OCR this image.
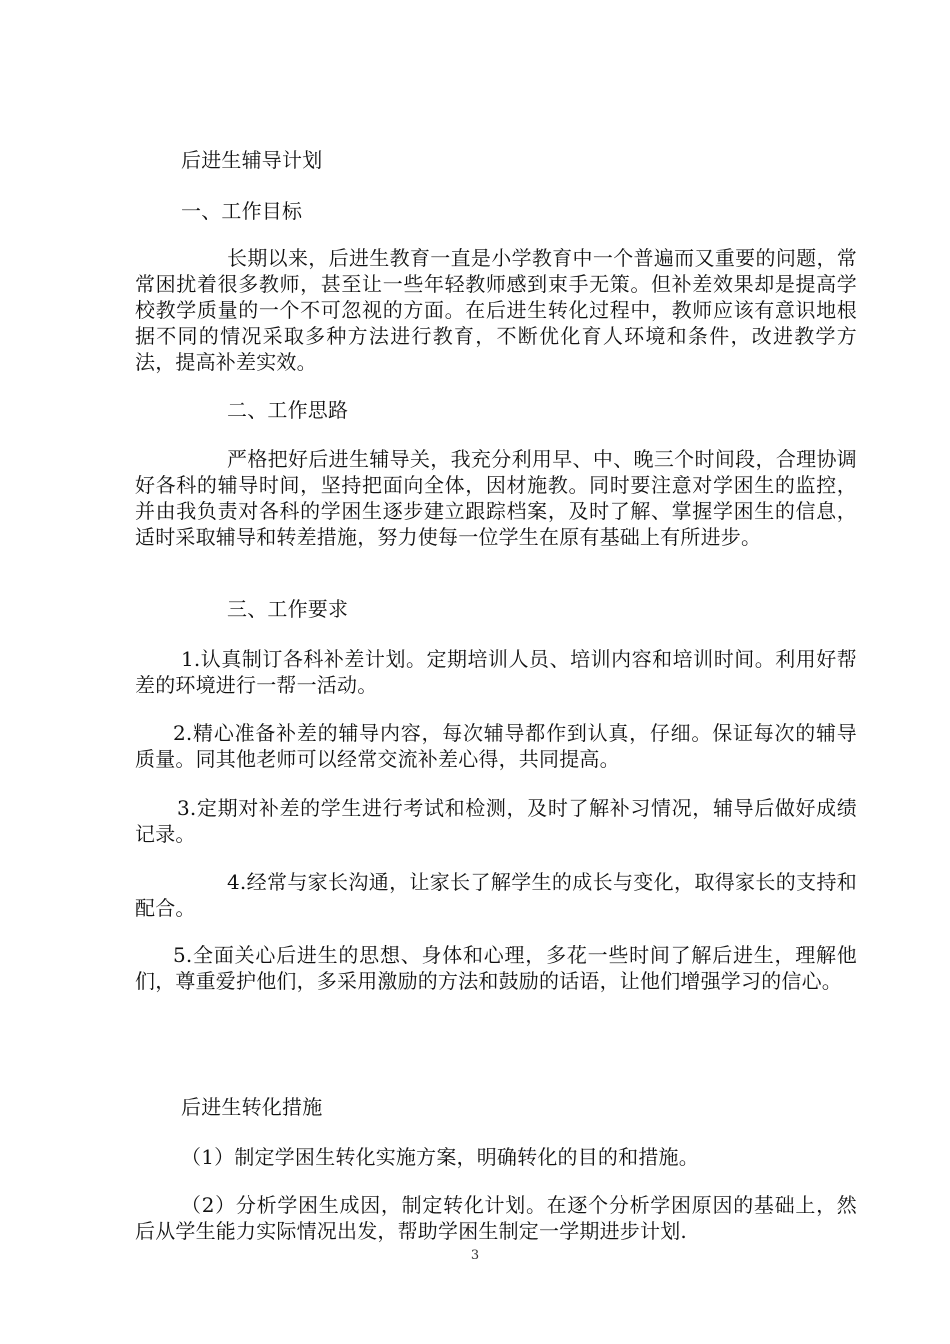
后进生辅导计划

一、工作目标

长期以来，后进生教育一直是小学教育中一个普遍而又重要的问题，常常困扰着很多教师，甚至让一些年轻教师感到束手无策。但补差效果却是提高学校教学质量的一个不可忽视的方面。在后进生转化过程中，教师应该有意识地根据不同的情况采取多种方法进行教育，不断优化育人环境和条件，改进教学方法，提高补差实效。

二、工作思路

严格把好后进生辅导关，我充分利用早、中、晚三个时间段，合理协调好各科的辅导时间，坚持把面向全体，因材施教。同时要注意对学困生的监控，并由我负责对各科的学困生逐步建立跟踪档案，及时了解、掌握学困生的信息，适时采取辅导和转差措施，努力使每一位学生在原有基础上有所进步。

三、工作要求

1.认真制订各科补差计划。定期培训人员、培训内容和培训时间。利用好帮差的环境进行一帮一活动。

2.精心准备补差的辅导内容，每次辅导都作到认真，仔细。保证每次的辅导质量。同其他老师可以经常交流补差心得，共同提高。

3.定期对补差的学生进行考试和检测，及时了解补习情况，辅导后做好成绩记录。

4.经常与家长沟通，让家长了解学生的成长与变化，取得家长的支持和配合。

5.全面关心后进生的思想、身体和心理，多花一些时间了解后进生，理解他们，尊重爱护他们，多采用激励的方法和鼓励的话语，让他们增强学习的信心。

后进生转化措施

（1）制定学困生转化实施方案，明确转化的目的和措施。

（2）分析学困生成因，制定转化计划。在逐个分析学困原因的基础上，然后从学生能力实际情况出发，帮助学困生制定一学期进步计划.

3
